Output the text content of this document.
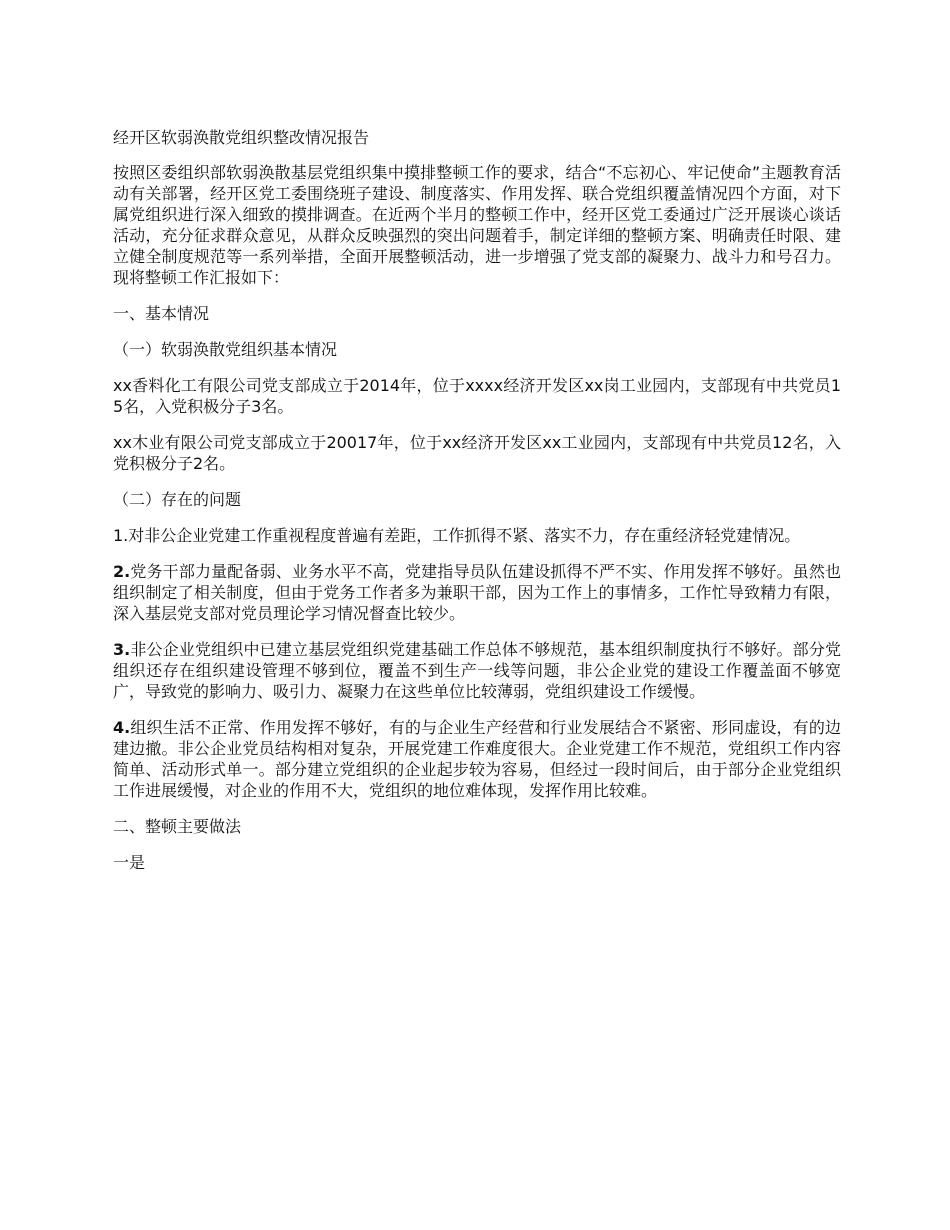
经开区软弱涣散党组织整改情况报告

按照区委组织部软弱涣散基层党组织集中摸排整顿工作的要求，结合“不忘初心、牢记使命”主题教育活动有关部署，经开区党工委围绕班子建设、制度落实、作用发挥、联合党组织覆盖情况四个方面，对下属党组织进行深入细致的摸排调查。在近两个半月的整顿工作中，经开区党工委通过广泛开展谈心谈话活动，充分征求群众意见，从群众反映强烈的突出问题着手，制定详细的整顿方案、明确责任时限、建立健全制度规范等一系列举措，全面开展整顿活动，进一步增强了党支部的凝聚力、战斗力和号召力。现将整顿工作汇报如下：

一、基本情况

（一）软弱涣散党组织基本情况

xx香料化工有限公司党支部成立于2014年，位于xxxx经济开发区xx岗工业园内，支部现有中共党员15名，入党积极分子3名。

xx木业有限公司党支部成立于20017年，位于xx经济开发区xx工业园内，支部现有中共党员12名，入党积极分子2名。

（二）存在的问题

1.对非公企业党建工作重视程度普遍有差距，工作抓得不紧、落实不力，存在重经济轻党建情况。

2.党务干部力量配备弱、业务水平不高，党建指导员队伍建设抓得不严不实、作用发挥不够好。虽然也组织制定了相关制度，但由于党务工作者多为兼职干部，因为工作上的事情多，工作忙导致精力有限，深入基层党支部对党员理论学习情况督查比较少。

3.非公企业党组织中已建立基层党组织党建基础工作总体不够规范，基本组织制度执行不够好。部分党组织还存在组织建设管理不够到位，覆盖不到生产一线等问题，非公企业党的建设工作覆盖面不够宽广，导致党的影响力、吸引力、凝聚力在这些单位比较薄弱，党组织建设工作缓慢。

4.组织生活不正常、作用发挥不够好，有的与企业生产经营和行业发展结合不紧密、形同虚设，有的边建边撤。非公企业党员结构相对复杂，开展党建工作难度很大。企业党建工作不规范，党组织工作内容简单、活动形式单一。部分建立党组织的企业起步较为容易，但经过一段时间后，由于部分企业党组织工作进展缓慢，对企业的作用不大，党组织的地位难体现，发挥作用比较难。

二、整顿主要做法

一是
